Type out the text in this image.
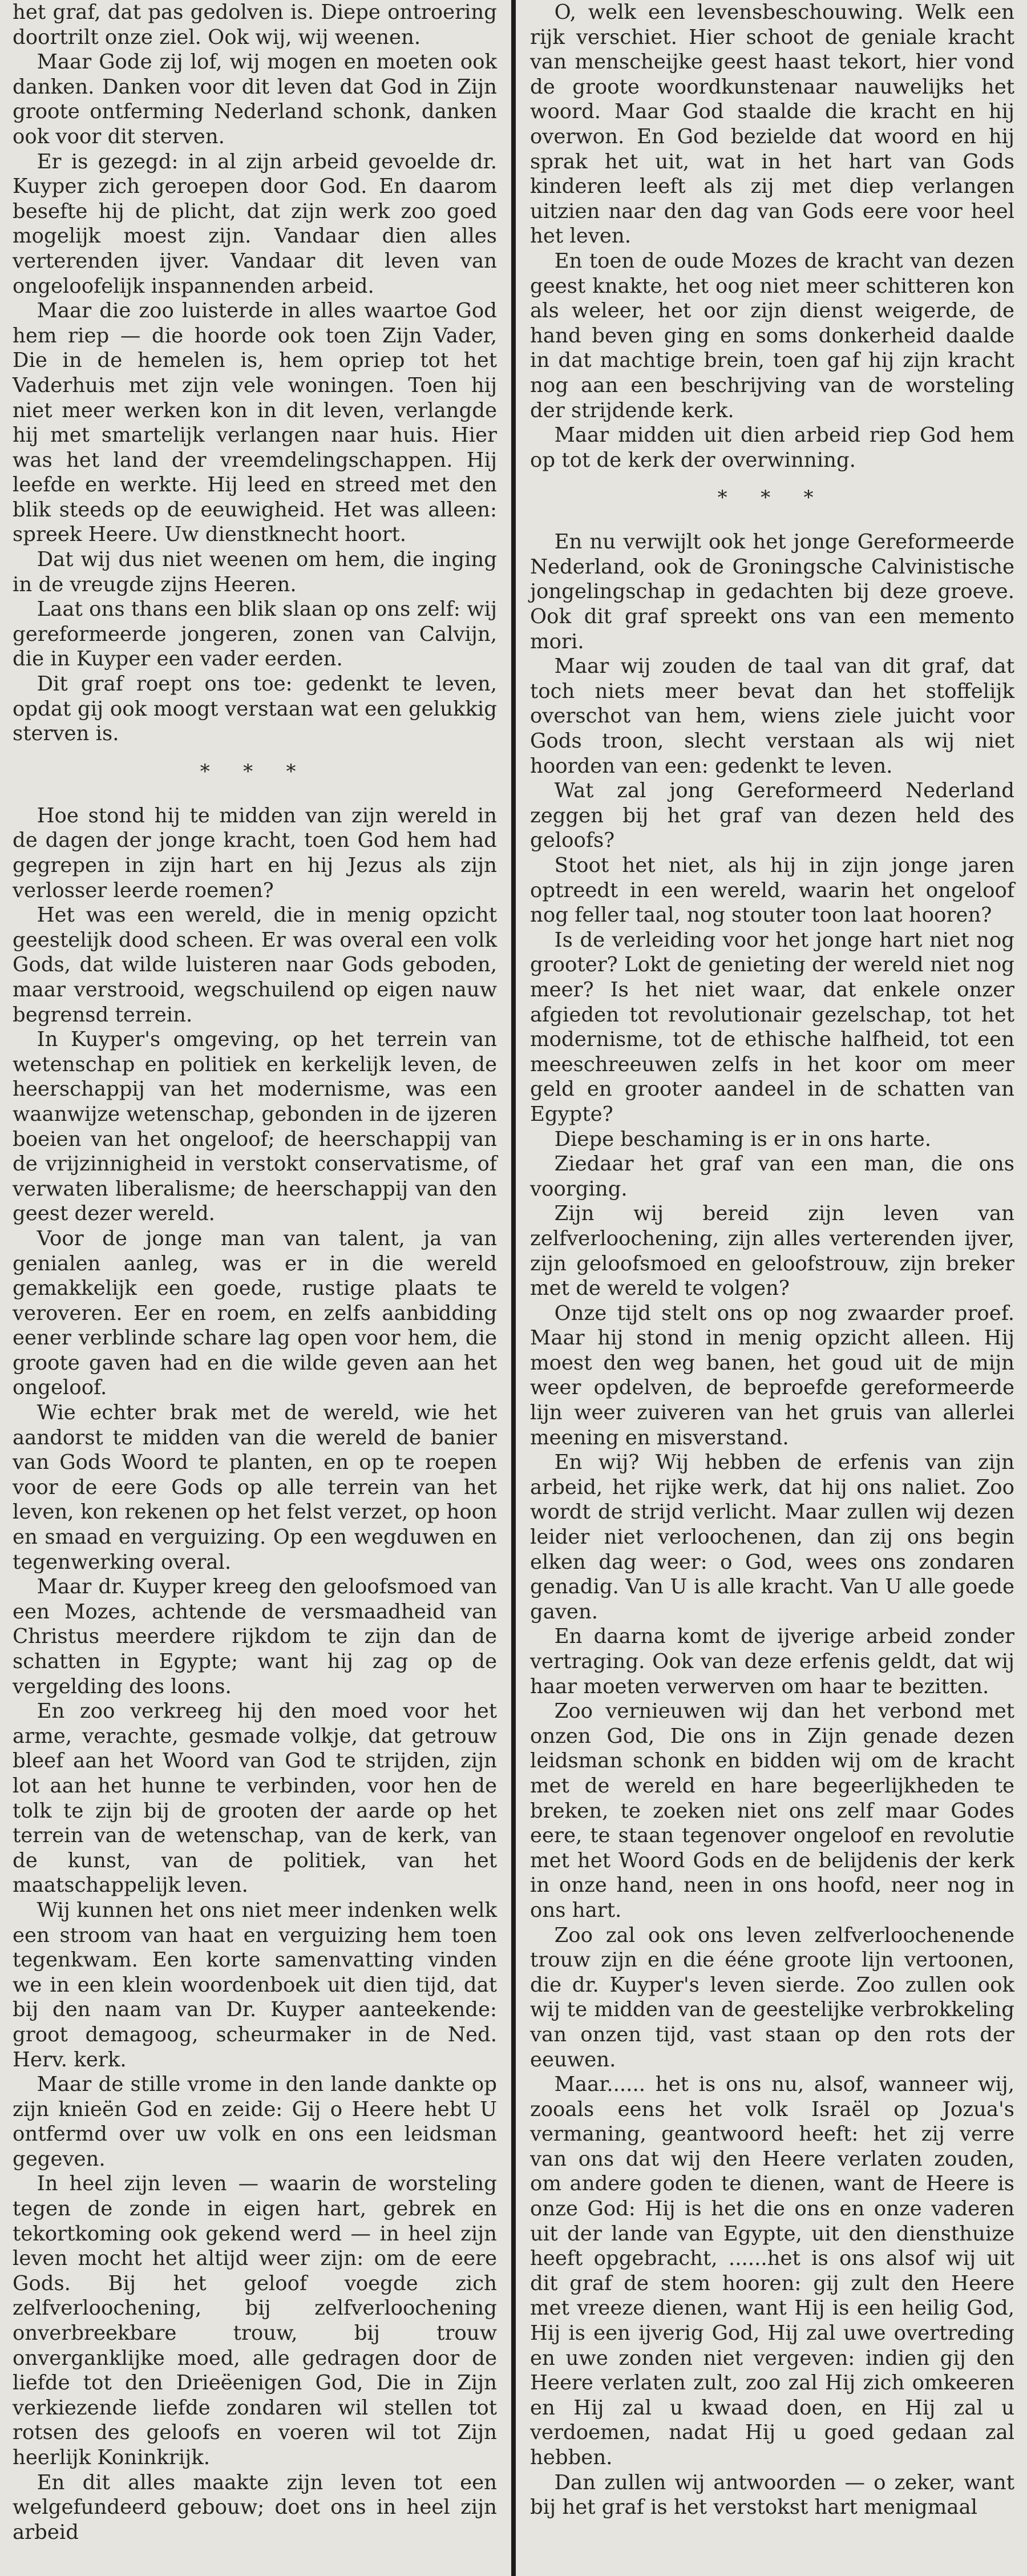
het graf, dat pas gedolven is. Diepe ontroering doortrilt onze ziel. Ook wij, wij weenen.

Maar Gode zij lof, wij mogen en moeten ook danken. Danken voor dit leven dat God in Zijn groote ontferming Nederland schonk, danken ook voor dit sterven.

Er is gezegd: in al zijn arbeid gevoelde dr. Kuyper zich geroepen door God. En daarom besefte hij de plicht, dat zijn werk zoo goed mogelijk moest zijn. Vandaar dien alles verterenden ijver. Vandaar dit leven van ongeloofelijk inspannenden arbeid.

Maar die zoo luisterde in alles waartoe God hem riep — die hoorde ook toen Zijn Vader, Die in de hemelen is, hem opriep tot het Vaderhuis met zijn vele woningen. Toen hij niet meer werken kon in dit leven, verlangde hij met smartelijk verlangen naar huis. Hier was het land der vreemdelingschappen. Hij leefde en werkte. Hij leed en streed met den blik steeds op de eeuwigheid. Het was alleen: spreek Heere. Uw dienstknecht hoort.

Dat wij dus niet weenen om hem, die inging in de vreugde zijns Heeren.

Laat ons thans een blik slaan op ons zelf: wij gereformeerde jongeren, zonen van Calvijn, die in Kuyper een vader eerden.

Dit graf roept ons toe: gedenkt te leven, opdat gij ook moogt verstaan wat een gelukkig sterven is.

* * *

Hoe stond hij te midden van zijn wereld in de dagen der jonge kracht, toen God hem had gegrepen in zijn hart en hij Jezus als zijn verlosser leerde roemen?

Het was een wereld, die in menig opzicht geestelijk dood scheen. Er was overal een volk Gods, dat wilde luisteren naar Gods geboden, maar verstrooid, wegschuilend op eigen nauw begrensd terrein.

In Kuyper's omgeving, op het terrein van wetenschap en politiek en kerkelijk leven, de heerschappij van het modernisme, was een waanwijze wetenschap, gebonden in de ijzeren boeien van het ongeloof; de heerschappij van de vrijzinnigheid in verstokt conservatisme, of verwaten liberalisme; de heerschappij van den geest dezer wereld.

Voor de jonge man van talent, ja van genialen aanleg, was er in die wereld gemakkelijk een goede, rustige plaats te veroveren. Eer en roem, en zelfs aanbidding eener verblinde schare lag open voor hem, die groote gaven had en die wilde geven aan het ongeloof.

Wie echter brak met de wereld, wie het aandorst te midden van die wereld de banier van Gods Woord te planten, en op te roepen voor de eere Gods op alle terrein van het leven, kon rekenen op het felst verzet, op hoon en smaad en verguizing. Op een wegduwen en tegenwerking overal.

Maar dr. Kuyper kreeg den geloofsmoed van een Mozes, achtende de versmaadheid van Christus meerdere rijkdom te zijn dan de schatten in Egypte; want hij zag op de vergelding des loons.

En zoo verkreeg hij den moed voor het arme, verachte, gesmade volkje, dat getrouw bleef aan het Woord van God te strijden, zijn lot aan het hunne te verbinden, voor hen de tolk te zijn bij de grooten der aarde op het terrein van de wetenschap, van de kerk, van de kunst, van de politiek, van het maatschappelijk leven.

Wij kunnen het ons niet meer indenken welk een stroom van haat en verguizing hem toen tegenkwam. Een korte samenvatting vinden we in een klein woordenboek uit dien tijd, dat bij den naam van Dr. Kuyper aanteekende: groot demagoog, scheurmaker in de Ned. Herv. kerk.

Maar de stille vrome in den lande dankte op zijn knieën God en zeide: Gij o Heere hebt U ontfermd over uw volk en ons een leidsman gegeven.

In heel zijn leven — waarin de worsteling tegen de zonde in eigen hart, gebrek en tekortkoming ook gekend werd — in heel zijn leven mocht het altijd weer zijn: om de eere Gods. Bij het geloof voegde zich zelfverloochening, bij zelfverloochening onverbreekbare trouw, bij trouw onverganklijke moed, alle gedragen door de liefde tot den Drieëenigen God, Die in Zijn verkiezende liefde zondaren wil stellen tot rotsen des geloofs en voeren wil tot Zijn heerlijk Koninkrijk.

En dit alles maakte zijn leven tot een welgefundeerd gebouw; doet ons in heel zijn arbeid

O, welk een levensbeschouwing. Welk een rijk verschiet. Hier schoot de geniale kracht van menscheijke geest haast tekort, hier vond de groote woordkunstenaar nauwelijks het woord. Maar God staalde die kracht en hij overwon. En God bezielde dat woord en hij sprak het uit, wat in het hart van Gods kinderen leeft als zij met diep verlangen uitzien naar den dag van Gods eere voor heel het leven.

En toen de oude Mozes de kracht van dezen geest knakte, het oog niet meer schitteren kon als weleer, het oor zijn dienst weigerde, de hand beven ging en soms donkerheid daalde in dat machtige brein, toen gaf hij zijn kracht nog aan een beschrijving van de worsteling der strijdende kerk.

Maar midden uit dien arbeid riep God hem op tot de kerk der overwinning.

* * *

En nu verwijlt ook het jonge Gereformeerde Nederland, ook de Groningsche Calvinistische jongelingschap in gedachten bij deze groeve. Ook dit graf spreekt ons van een memento mori.

Maar wij zouden de taal van dit graf, dat toch niets meer bevat dan het stoffelijk overschot van hem, wiens ziele juicht voor Gods troon, slecht verstaan als wij niet hoorden van een: gedenkt te leven.

Wat zal jong Gereformeerd Nederland zeggen bij het graf van dezen held des geloofs?

Stoot het niet, als hij in zijn jonge jaren optreedt in een wereld, waarin het ongeloof nog feller taal, nog stouter toon laat hooren?

Is de verleiding voor het jonge hart niet nog grooter? Lokt de genieting der wereld niet nog meer? Is het niet waar, dat enkele onzer afgieden tot revolutionair gezelschap, tot het modernisme, tot de ethische halfheid, tot een meeschreeuwen zelfs in het koor om meer geld en grooter aandeel in de schatten van Egypte?

Diepe beschaming is er in ons harte.

Ziedaar het graf van een man, die ons voorging.

Zijn wij bereid zijn leven van zelfverloochening, zijn alles verterenden ijver, zijn geloofsmoed en geloofstrouw, zijn breker met de wereld te volgen?

Onze tijd stelt ons op nog zwaarder proef. Maar hij stond in menig opzicht alleen. Hij moest den weg banen, het goud uit de mijn weer opdelven, de beproefde gereformeerde lijn weer zuiveren van het gruis van allerlei meening en misverstand.

En wij? Wij hebben de erfenis van zijn arbeid, het rijke werk, dat hij ons naliet. Zoo wordt de strijd verlicht. Maar zullen wij dezen leider niet verloochenen, dan zij ons begin elken dag weer: o God, wees ons zondaren genadig. Van U is alle kracht. Van U alle goede gaven.

En daarna komt de ijverige arbeid zonder vertraging. Ook van deze erfenis geldt, dat wij haar moeten verwerven om haar te bezitten.

Zoo vernieuwen wij dan het verbond met onzen God, Die ons in Zijn genade dezen leidsman schonk en bidden wij om de kracht met de wereld en hare begeerlijkheden te breken, te zoeken niet ons zelf maar Godes eere, te staan tegenover ongeloof en revolutie met het Woord Gods en de belijdenis der kerk in onze hand, neen in ons hoofd, neer nog in ons hart.

Zoo zal ook ons leven zelfverloochenende trouw zijn en die ééne groote lijn vertoonen, die dr. Kuyper's leven sierde. Zoo zullen ook wij te midden van de geestelijke verbrokkeling van onzen tijd, vast staan op den rots der eeuwen.

Maar...... het is ons nu, alsof, wanneer wij, zooals eens het volk Israël op Jozua's vermaning, geantwoord heeft: het zij verre van ons dat wij den Heere verlaten zouden, om andere goden te dienen, want de Heere is onze God: Hij is het die ons en onze vaderen uit der lande van Egypte, uit den diensthuize heeft opgebracht, ......het is ons alsof wij uit dit graf de stem hooren: gij zult den Heere met vreeze dienen, want Hij is een heilig God, Hij is een ijverig God, Hij zal uwe overtreding en uwe zonden niet vergeven: indien gij den Heere verlaten zult, zoo zal Hij zich omkeeren en Hij zal u kwaad doen, en Hij zal u verdoemen, nadat Hij u goed gedaan zal hebben.

Dan zullen wij antwoorden — o zeker, want bij het graf is het verstokst hart menigmaal
